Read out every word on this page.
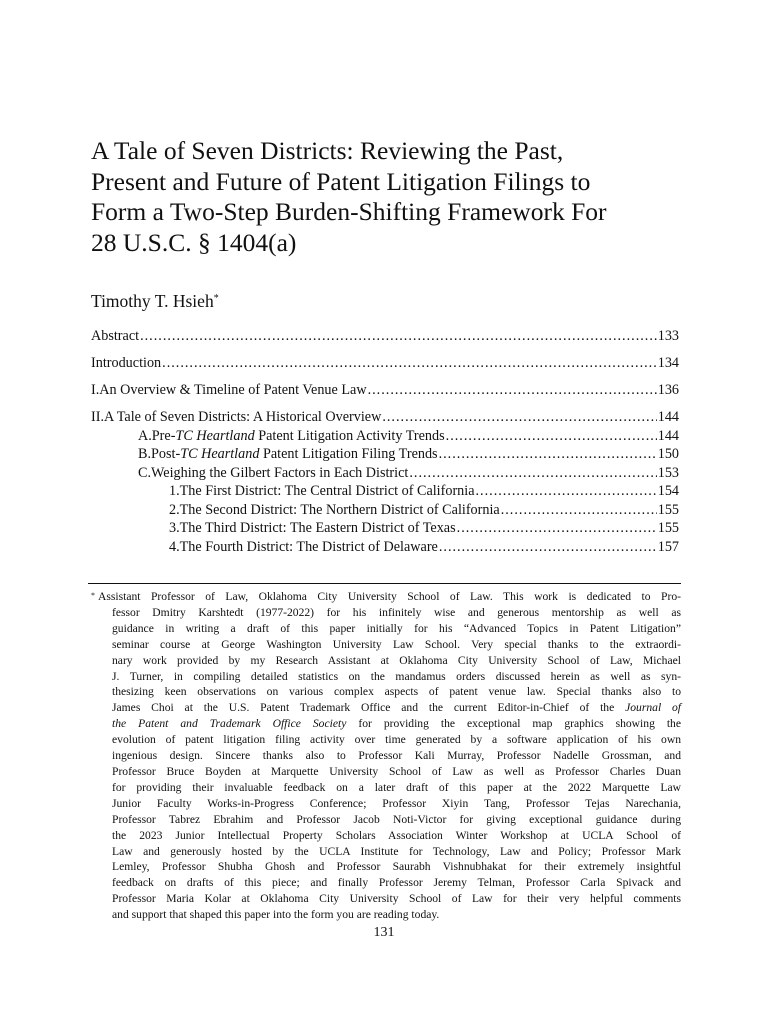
A Tale of Seven Districts: Reviewing the Past,
Present and Future of Patent Litigation Filings to
Form a Two-Step Burden-Shifting Framework For
28 U.S.C. § 1404(a)
Timothy T. Hsieh*
Abstract .....	133
Introduction .....	134
I.An Overview & Timeline of Patent Venue Law .....	136
II.A Tale of Seven Districts: A Historical Overview .....	144
A. Pre-TC Heartland Patent Litigation Activity Trends .....	144
B. Post-TC Heartland Patent Litigation Filing Trends .....	150
C. Weighing the Gilbert Factors in Each District .....	153
1. The First District: The Central District of California .....	154
2. The Second District: The Northern District of California .....	155
3. The Third District: The Eastern District of Texas .....	155
4. The Fourth District: The District of Delaware .....	157
* Assistant Professor of Law, Oklahoma City University School of Law. This work is dedicated to Pro-
fessor Dmitry Karshtedt (1977-2022) for his infinitely wise and generous mentorship as well as
guidance in writing a draft of this paper initially for his “Advanced Topics in Patent Litigation”
seminar course at George Washington University Law School. Very special thanks to the extraordi-
nary work provided by my Research Assistant at Oklahoma City University School of Law, Michael
J. Turner, in compiling detailed statistics on the mandamus orders discussed herein as well as syn-
thesizing keen observations on various complex aspects of patent venue law. Special thanks also to
James Choi at the U.S. Patent Trademark Office and the current Editor-in-Chief of the Journal of
the Patent and Trademark Office Society for providing the exceptional map graphics showing the
evolution of patent litigation filing activity over time generated by a software application of his own
ingenious design. Sincere thanks also to Professor Kali Murray, Professor Nadelle Grossman, and
Professor Bruce Boyden at Marquette University School of Law as well as Professor Charles Duan
for providing their invaluable feedback on a later draft of this paper at the 2022 Marquette Law
Junior Faculty Works-in-Progress Conference; Professor Xiyin Tang, Professor Tejas Narechania,
Professor Tabrez Ebrahim and Professor Jacob Noti-Victor for giving exceptional guidance during
the 2023 Junior Intellectual Property Scholars Association Winter Workshop at UCLA School of
Law and generously hosted by the UCLA Institute for Technology, Law and Policy; Professor Mark
Lemley, Professor Shubha Ghosh and Professor Saurabh Vishnubhakat for their extremely insightful
feedback on drafts of this piece; and finally Professor Jeremy Telman, Professor Carla Spivack and
Professor Maria Kolar at Oklahoma City University School of Law for their very helpful comments
and support that shaped this paper into the form you are reading today.
131
